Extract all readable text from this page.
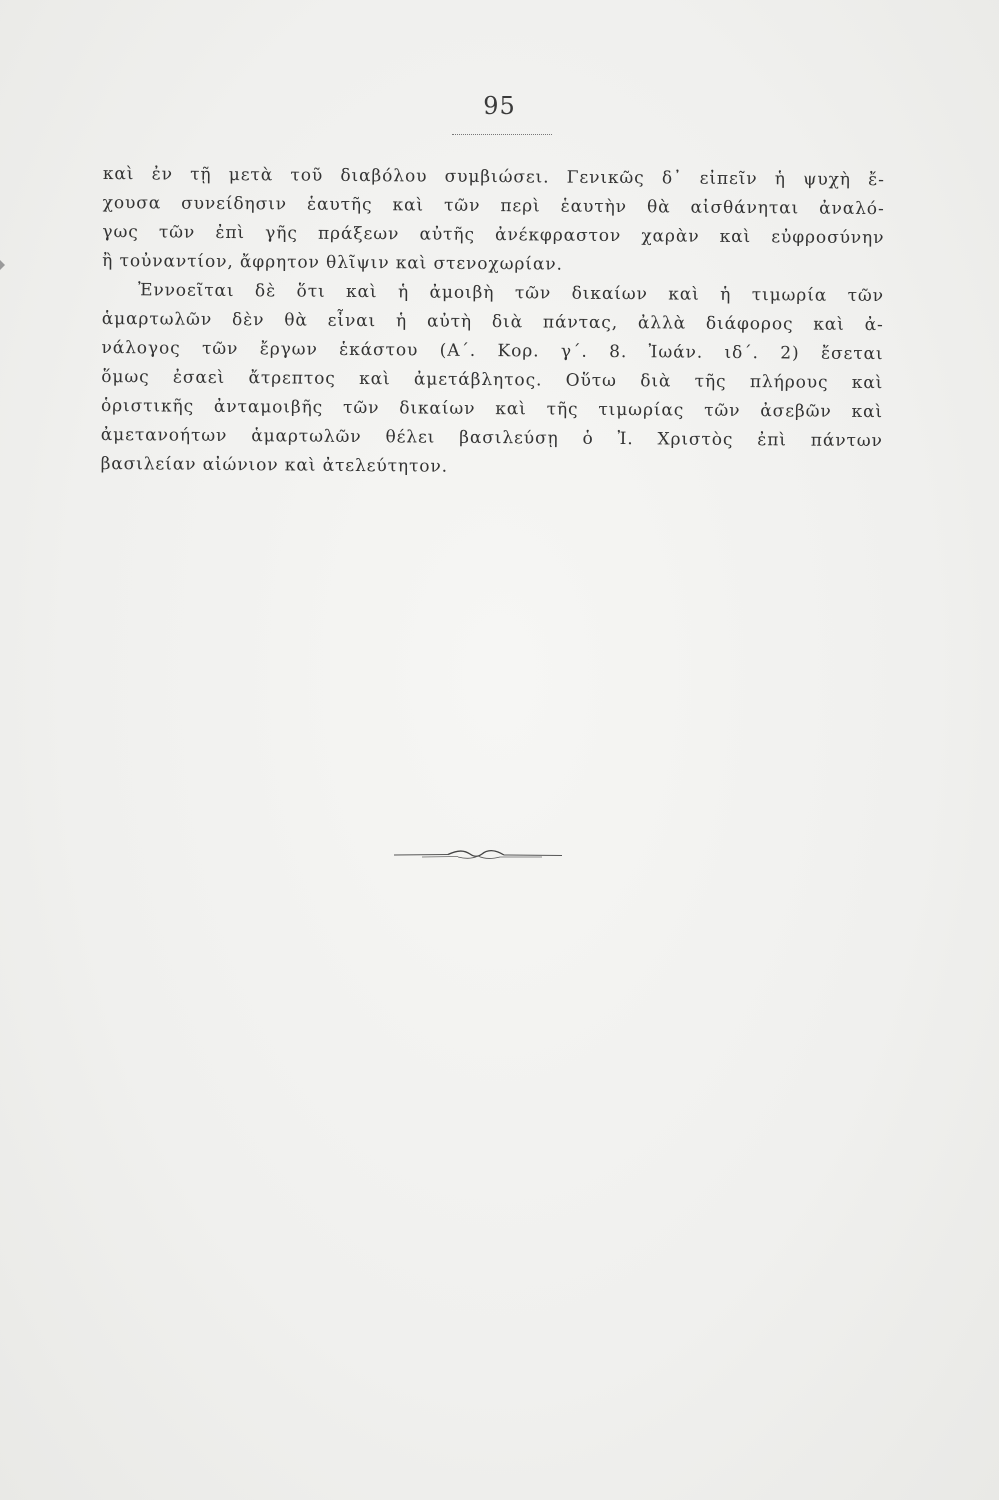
95
καὶ ἐν τῇ μετὰ τοῦ διαβόλου συμβιώσει. Γενικῶς δ᾽ εἰπεῖν ἡ ψυχὴ ἔ-
χουσα συνείδησιν ἑαυτῆς καὶ τῶν περὶ ἑαυτὴν θὰ αἰσθάνηται ἀναλό-
γως τῶν ἐπὶ γῆς πράξεων αὐτῆς ἀνέκφραστον χαρὰν καὶ εὐφροσύνην
ἢ τοὐναντίον, ἄφρητον θλῖψιν καὶ στενοχωρίαν.
Ἐννοεῖται δὲ ὅτι καὶ ἡ ἀμοιβὴ τῶν δικαίων καὶ ἡ τιμωρία τῶν
ἁμαρτωλῶν δὲν θὰ εἶναι ἡ αὐτὴ διὰ πάντας, ἀλλὰ διάφορος καὶ ἀ-
νάλογος τῶν ἔργων ἑκάστου (Α΄. Κορ. γ΄. 8. Ἰωάν. ιδ΄. 2) ἔσεται
ὅμως ἐσαεὶ ἄτρεπτος καὶ ἀμετάβλητος. Οὕτω διὰ τῆς πλήρους καὶ
ὁριστικῆς ἀνταμοιβῆς τῶν δικαίων καὶ τῆς τιμωρίας τῶν ἀσεβῶν καὶ
ἀμετανοήτων ἁμαρτωλῶν θέλει βασιλεύσῃ ὁ Ἰ. Χριστὸς ἐπὶ πάντων
βασιλείαν αἰώνιον καὶ ἀτελεύτητον.
